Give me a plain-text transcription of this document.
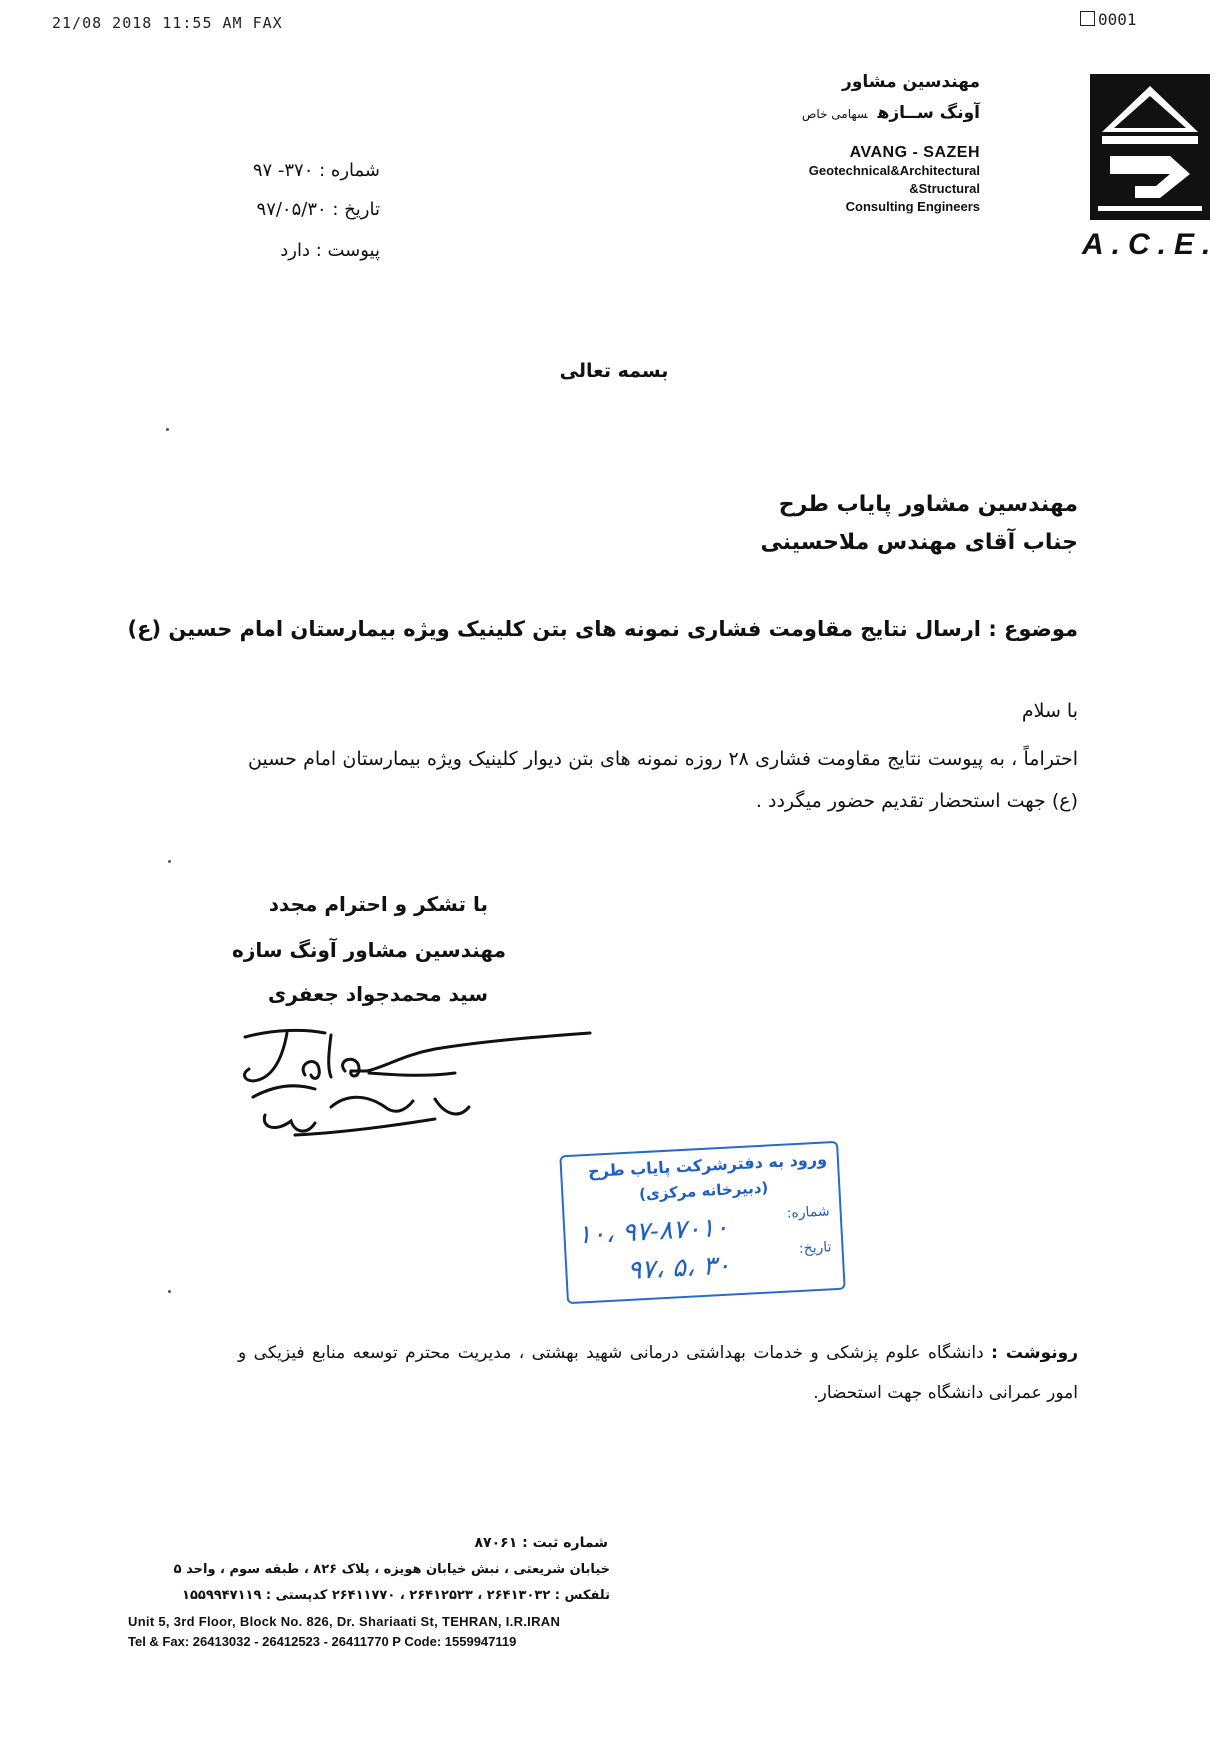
21/08 2018 11:55 AM FAX	0001
مهندسین مشاور
آونگ ســازهسهامی خاص
AVANG - SAZEH
Geotechnical&Architectural
&Structural
Consulting Engineers
A.C.E.
شماره : ۳۷۰- ۹۷
تاریخ : ۹۷/۰۵/۳۰
پیوست : دارد
بسمه تعالی
مهندسین مشاور پایاب طرح
جناب آقای مهندس ملاحسینی
موضوع : ارسال نتایج مقاومت فشاری نمونه های بتن کلینیک ویژه بیمارستان امام حسین (ع)
با سلام
احتراماً ، به پیوست نتایج مقاومت فشاری ۲۸ روزه نمونه های بتن دیوار کلینیک ویژه بیمارستان امام حسین (ع) جهت استحضار تقدیم حضور میگردد .
با تشکر و احترام مجدد
مهندسین مشاور آونگ سازه
سید محمدجواد جعفری
ورود به دفترشرکت پایاب طرح
(دبیرخانه مرکزی)
شماره:
۱۰، ۹۷-۸۷۰۱۰	تاریخ:
۹۷، ۵، ۳۰
رونوشت : دانشگاه علوم پزشکی و خدمات بهداشتی درمانی شهید بهشتی ، مدیریت محترم توسعه منابع فیزیکی و امور عمرانی دانشگاه جهت استحضار.
شماره ثبت : ۸۷۰۶۱
خیابان شریعتی ، نبش خیابان هویزه ، پلاک ۸۲۶ ، طبقه سوم ، واحد ۵
تلفکس : ۲۶۴۱۳۰۳۲ ، ۲۶۴۱۲۵۲۳ ، ۲۶۴۱۱۷۷۰ کدپستی : ۱۵۵۹۹۴۷۱۱۹
Unit 5, 3rd Floor, Block No. 826, Dr. Shariaati St, TEHRAN, I.R.IRAN
Tel & Fax: 26413032 - 26412523 - 26411770 P Code: 1559947119
